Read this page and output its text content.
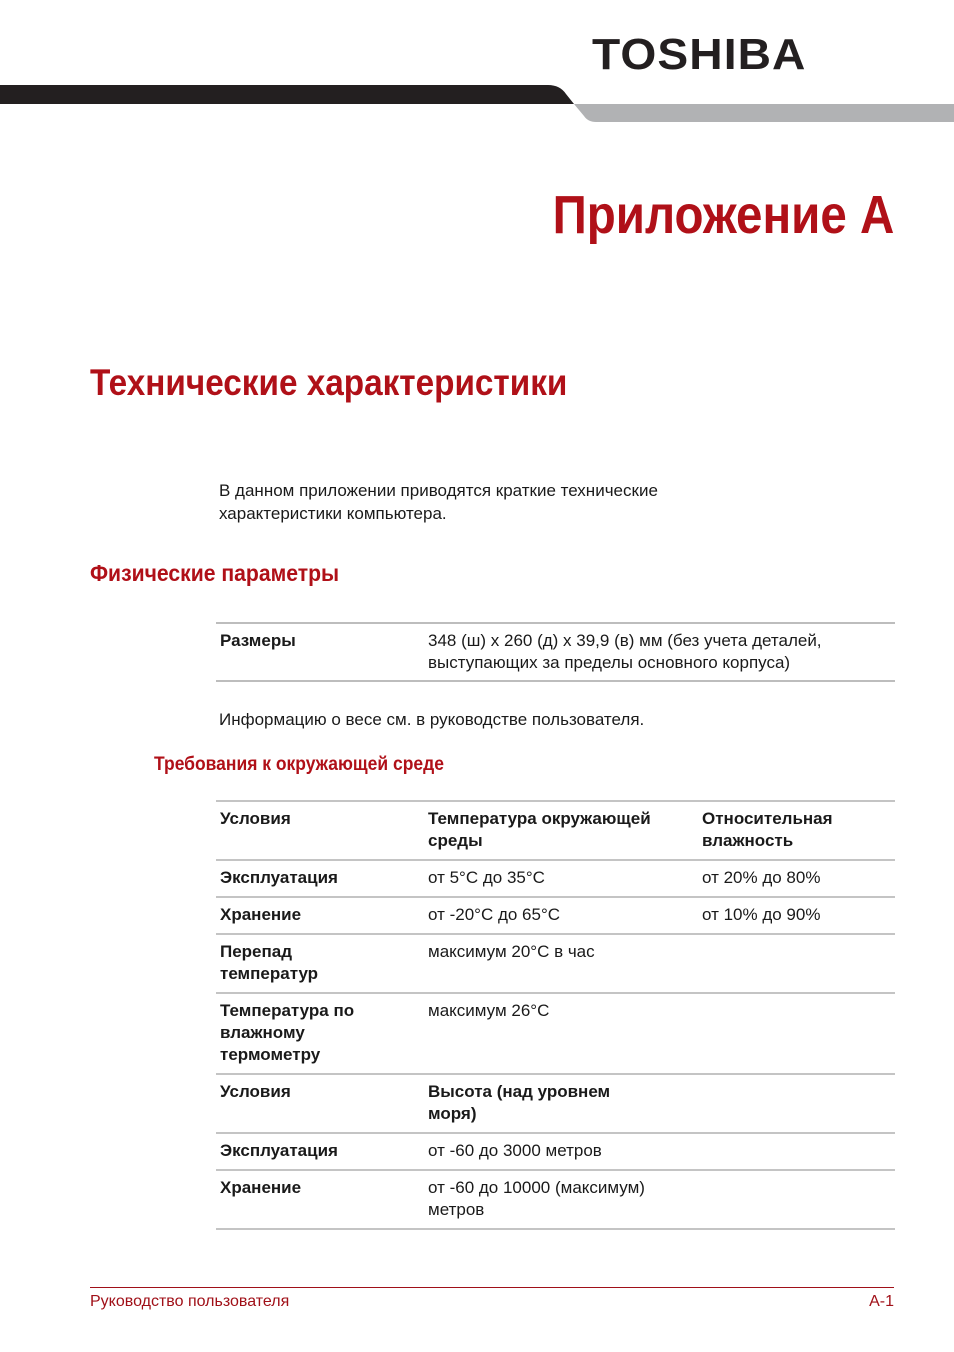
TOSHIBA
Приложение A
Технические характеристики

В данном приложении приводятся краткие технические характеристики компьютера.

Физические параметры
Размеры	348 (ш) x 260 (д) x 39,9 (в) мм (без учета деталей, выступающих за пределы основного корпуса)

Информацию о весе см. в руководстве пользователя.

Требования к окружающей среде
Условия	Температура окружающей среды	Относительная влажность
Эксплуатация	от 5°C до 35°C	от 20% до 80%
Хранение	от -20°C до 65°C	от 10% до 90%
Перепад температур	максимум 20°C в час	
Температура по влажному термометру	максимум 26°C	
Условия	Высота (над уровнем моря)	
Эксплуатация	от -60 до 3000 метров	
Хранение	от -60 до 10000 (максимум) метров	
Руководство пользователя	A-1
